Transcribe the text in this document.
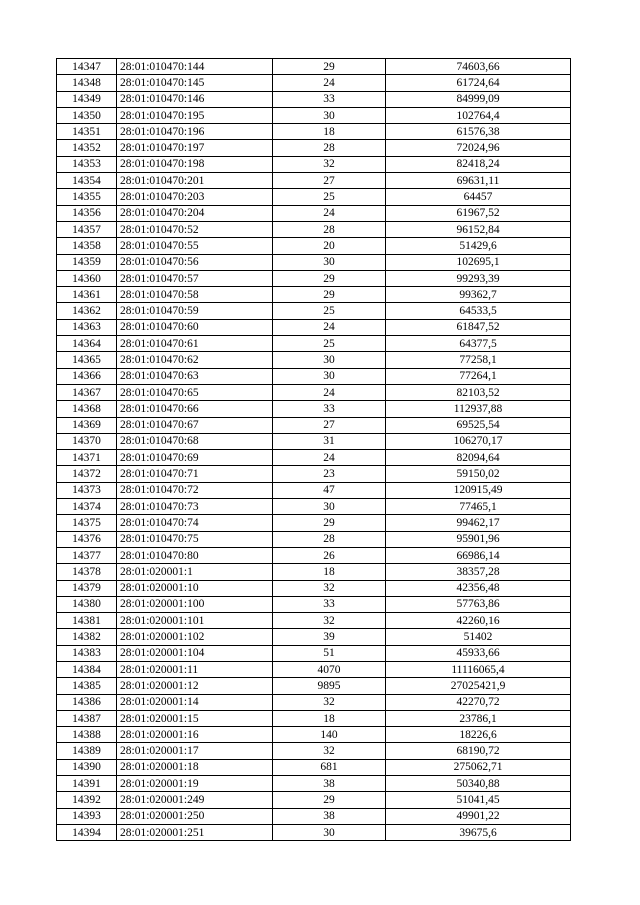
14347	28:01:010470:144	29	74603,66
14348	28:01:010470:145	24	61724,64
14349	28:01:010470:146	33	84999,09
14350	28:01:010470:195	30	102764,4
14351	28:01:010470:196	18	61576,38
14352	28:01:010470:197	28	72024,96
14353	28:01:010470:198	32	82418,24
14354	28:01:010470:201	27	69631,11
14355	28:01:010470:203	25	64457
14356	28:01:010470:204	24	61967,52
14357	28:01:010470:52	28	96152,84
14358	28:01:010470:55	20	51429,6
14359	28:01:010470:56	30	102695,1
14360	28:01:010470:57	29	99293,39
14361	28:01:010470:58	29	99362,7
14362	28:01:010470:59	25	64533,5
14363	28:01:010470:60	24	61847,52
14364	28:01:010470:61	25	64377,5
14365	28:01:010470:62	30	77258,1
14366	28:01:010470:63	30	77264,1
14367	28:01:010470:65	24	82103,52
14368	28:01:010470:66	33	112937,88
14369	28:01:010470:67	27	69525,54
14370	28:01:010470:68	31	106270,17
14371	28:01:010470:69	24	82094,64
14372	28:01:010470:71	23	59150,02
14373	28:01:010470:72	47	120915,49
14374	28:01:010470:73	30	77465,1
14375	28:01:010470:74	29	99462,17
14376	28:01:010470:75	28	95901,96
14377	28:01:010470:80	26	66986,14
14378	28:01:020001:1	18	38357,28
14379	28:01:020001:10	32	42356,48
14380	28:01:020001:100	33	57763,86
14381	28:01:020001:101	32	42260,16
14382	28:01:020001:102	39	51402
14383	28:01:020001:104	51	45933,66
14384	28:01:020001:11	4070	11116065,4
14385	28:01:020001:12	9895	27025421,9
14386	28:01:020001:14	32	42270,72
14387	28:01:020001:15	18	23786,1
14388	28:01:020001:16	140	18226,6
14389	28:01:020001:17	32	68190,72
14390	28:01:020001:18	681	275062,71
14391	28:01:020001:19	38	50340,88
14392	28:01:020001:249	29	51041,45
14393	28:01:020001:250	38	49901,22
14394	28:01:020001:251	30	39675,6
